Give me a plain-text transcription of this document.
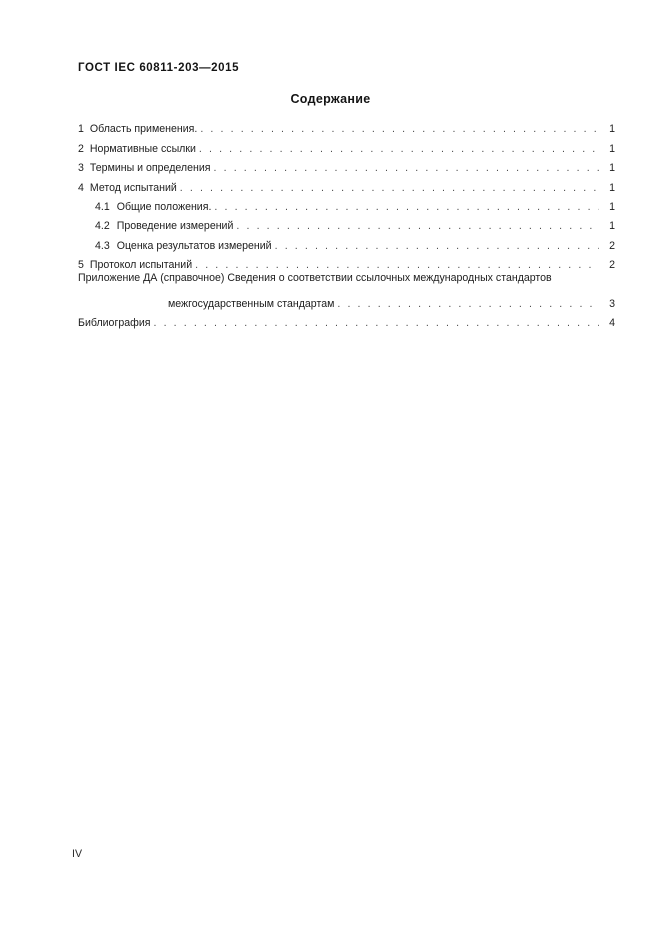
ГОСТ IEC 60811-203—2015
Содержание
1 Область применения. . . .	1
2 Нормативные ссылки . . .	1
3 Термины и определения . . .	1
4 Метод испытаний . . .	1
4.1 Общие положения. . . .	1
4.2 Проведение измерений . . .	1
4.3 Оценка результатов измерений . . .	2
5 Протокол испытаний . . .	2
Приложение ДА (справочное) Сведения о соответствии ссылочных международных стандартов
межгосударственным стандартам . . .	3
Библиография . . .	4
IV
